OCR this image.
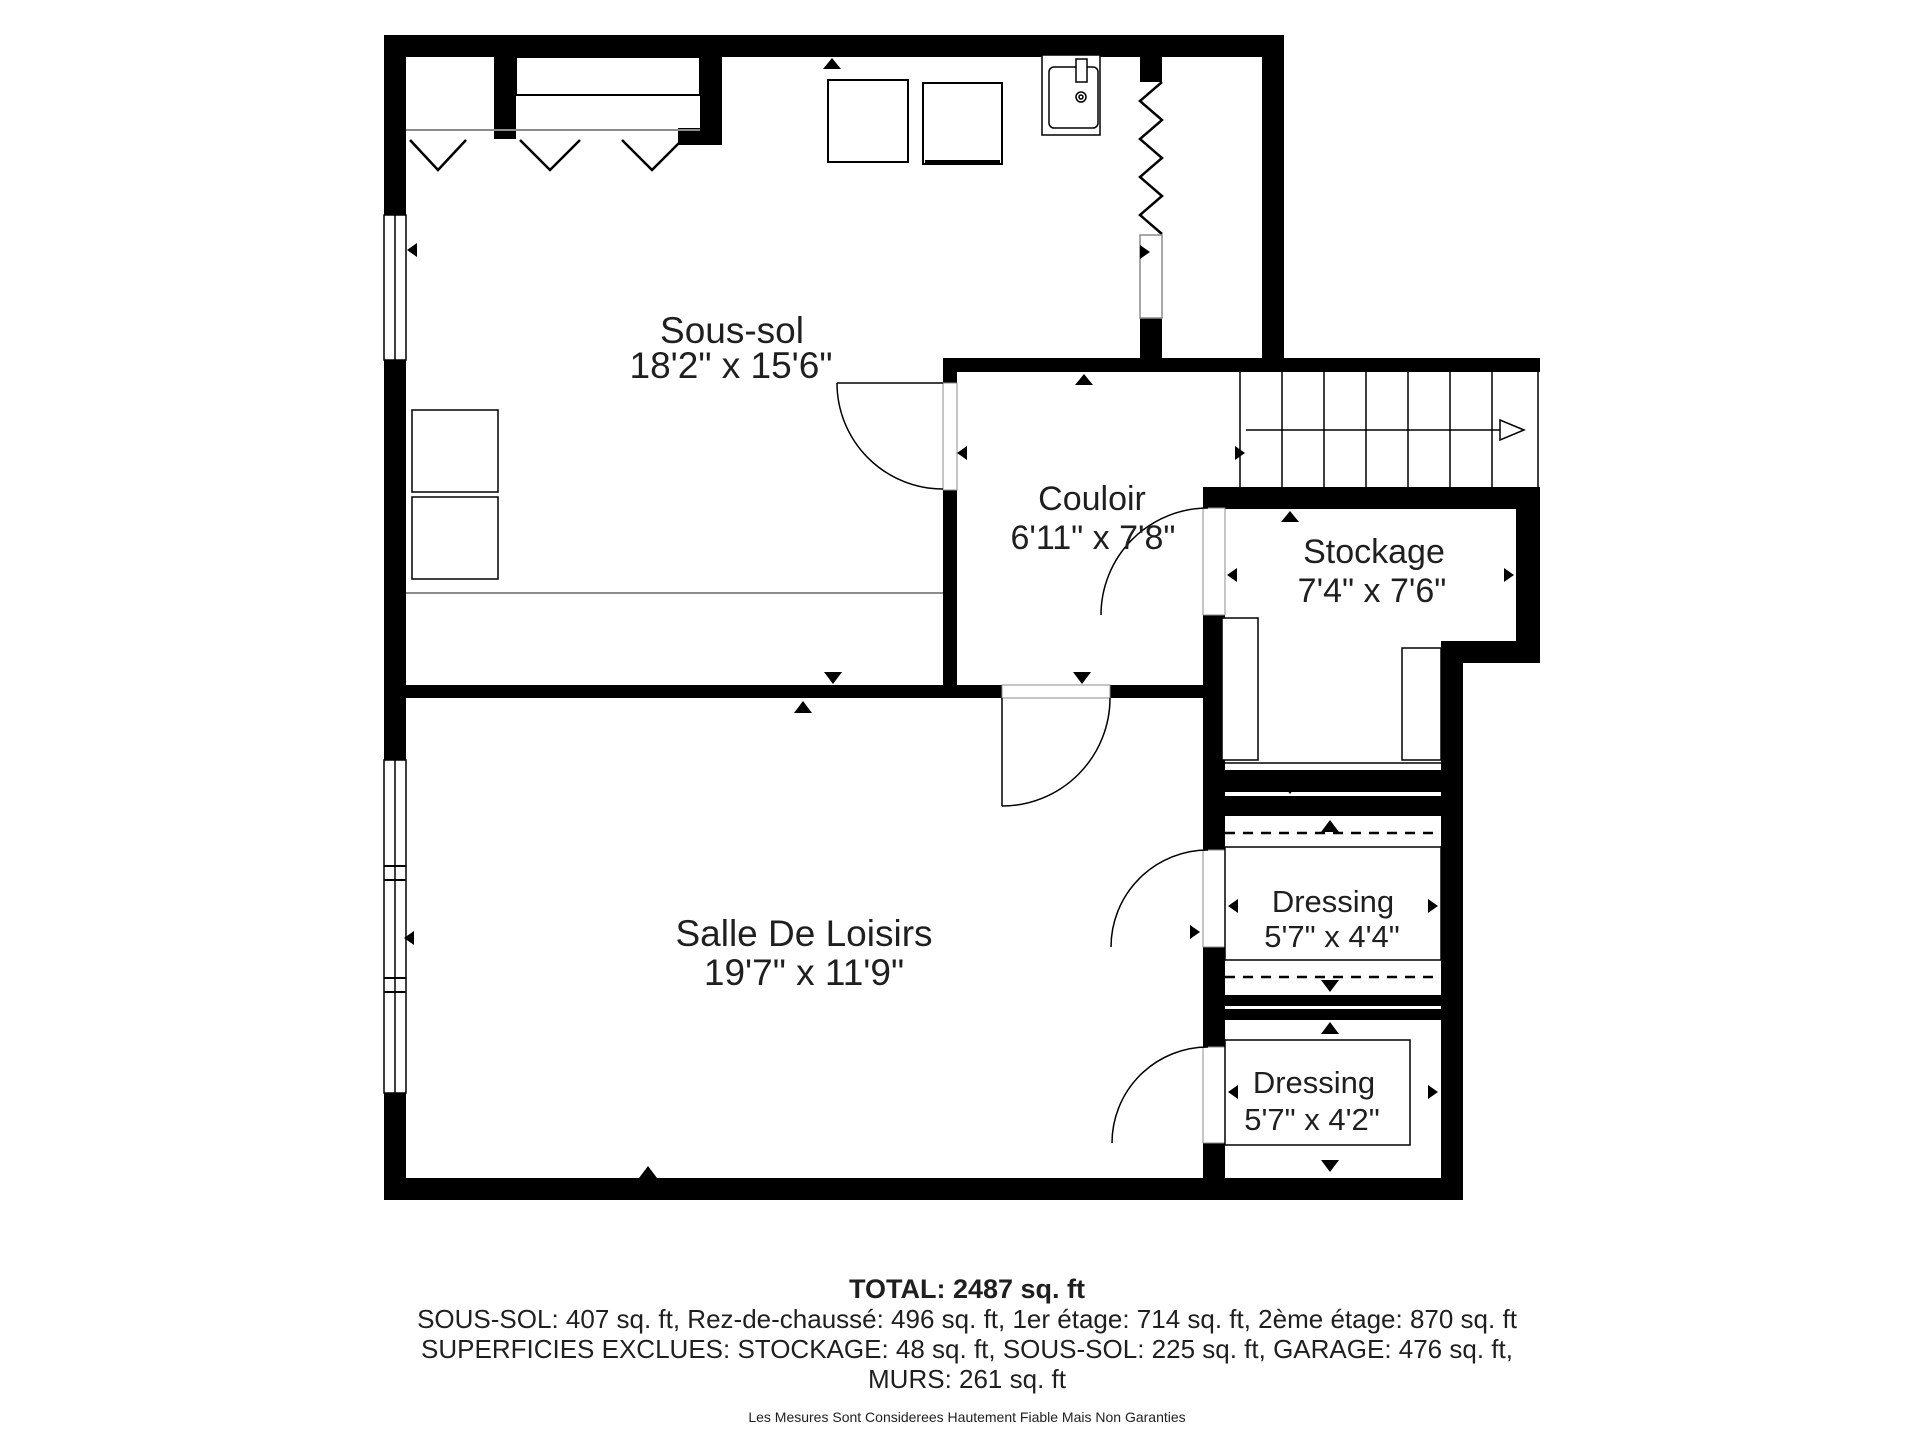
Sous-sol
18'2" x 15'6"
Couloir
6'11" x 7'8"	Stockage
7'4" x 7'6"
Dressing
5'7" x 4'4"
Dressing
5'7" x 4'2"
Salle De Loisirs
19'7" x 11'9"
TOTAL: 2487 sq. ft
SOUS-SOL: 407 sq. ft, Rez-de-chaussé: 496 sq. ft, 1er étage: 714 sq. ft, 2ème étage: 870 sq. ft
SUPERFICIES EXCLUES: STOCKAGE: 48 sq. ft, SOUS-SOL: 225 sq. ft, GARAGE: 476 sq. ft,
MURS: 261 sq. ft
Les Mesures Sont Considerees Hautement Fiable Mais Non Garanties
